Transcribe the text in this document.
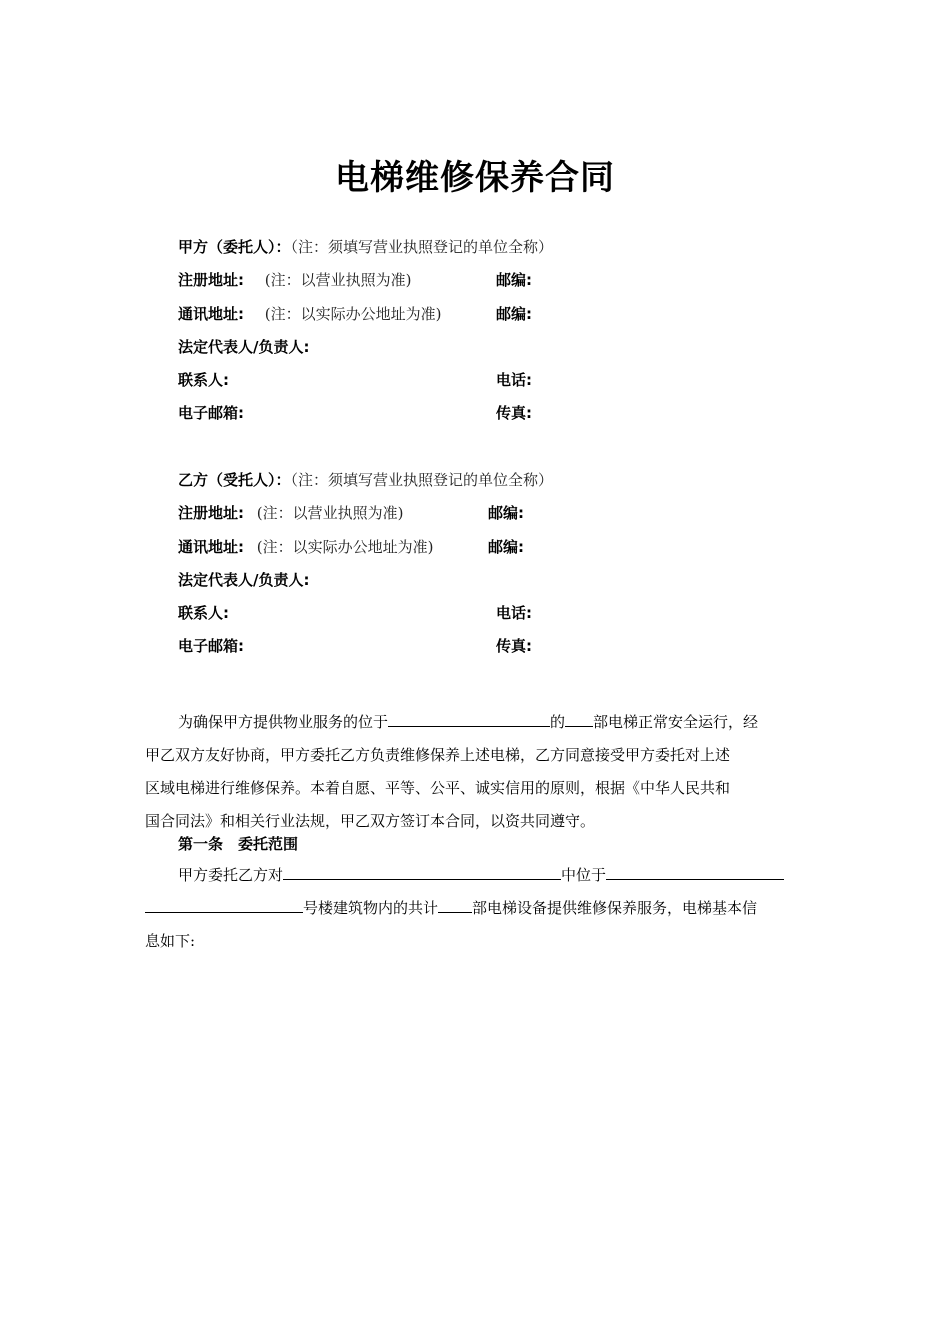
电梯维修保养合同
甲方（委托人）：（注：须填写营业执照登记的单位全称）
注册地址: (注：以营业执照为准)	邮编:
通讯地址: (注：以实际办公地址为准)	邮编:
法定代表人/负责人:
联系人:	电话:
电子邮箱:	传真:
乙方（受托人）：（注：须填写营业执照登记的单位全称）
注册地址: (注：以营业执照为准)	邮编:
通讯地址: (注：以实际办公地址为准)	邮编:
法定代表人/负责人:
联系人:	电话:
电子邮箱:	传真:
为确保甲方提供物业服务的位于	的 部电梯正常安全运行，经
甲乙双方友好协商，甲方委托乙方负责维修保养上述电梯，乙方同意接受甲方委托对上述
区域电梯进行维修保养。本着自愿、平等、公平、诚实信用的原则，根据《中华人民共和
国合同法》和相关行业法规，甲乙双方签订本合同，以资共同遵守。
第一条　委托范围
甲方委托乙方对	中位于
号楼建筑物内的共计 部电梯设备提供维修保养服务，电梯基本信
息如下:
